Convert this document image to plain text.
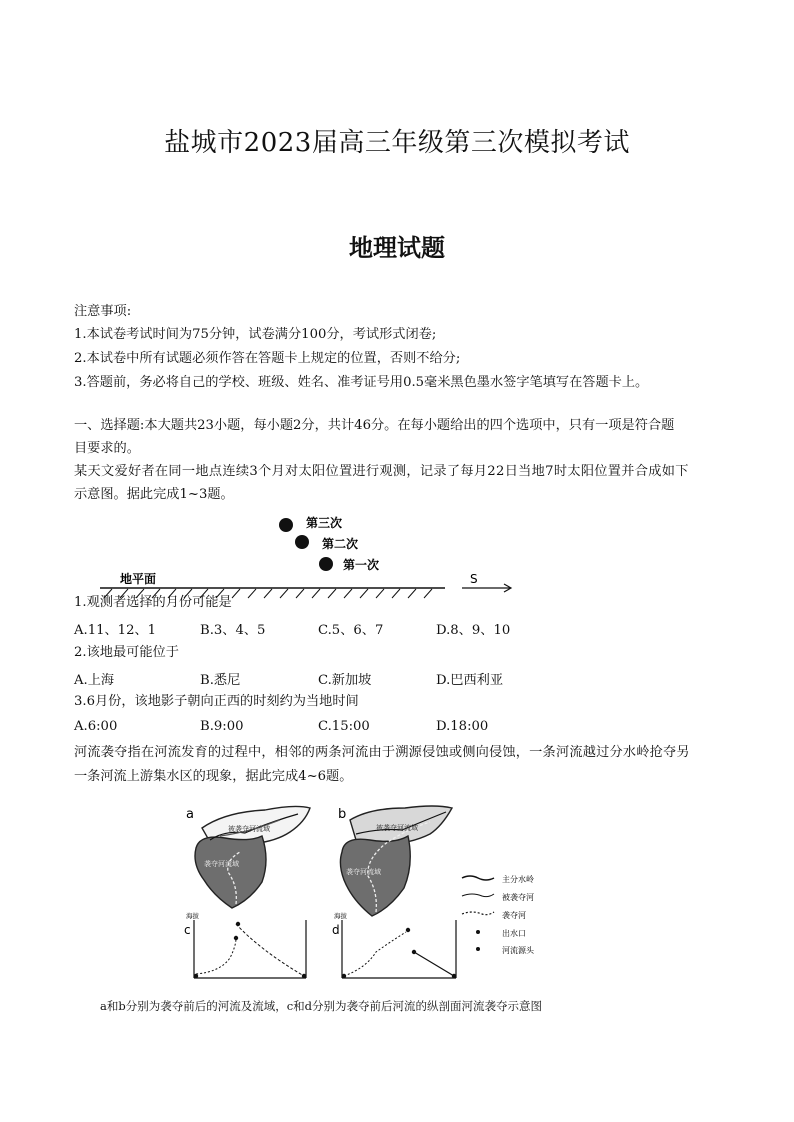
盐城市2023届高三年级第三次模拟考试
地理试题
注意事项:
1.本试卷考试时间为75分钟，试卷满分100分，考试形式闭卷;
2.本试卷中所有试题必须作答在答题卡上规定的位置，否则不给分;
3.答题前，务必将自己的学校、班级、姓名、准考证号用0.5毫米黑色墨水签字笔填写在答题卡上。
一、选择题:本大题共23小题，每小题2分，共计46分。在每小题给出的四个选项中，只有一项是符合题
目要求的。
某天文爱好者在同一地点连续3个月对太阳位置进行观测，记录了每月22日当地7时太阳位置并合成如下
示意图。据此完成1~3题。
第三次
第二次
第一次
地平面	S
1.观测者选择的月份可能是
A.11、12、1	B.3、4、5	C.5、6、7	D.8、9、10
2.该地最可能位于
A.上海	B.悉尼	C.新加坡	D.巴西利亚
3.6月份，该地影子朝向正西的时刻约为当地时间
A.6:00	B.9:00	C.15:00	D.18:00
河流袭夺指在河流发育的过程中，相邻的两条河流由于溯源侵蚀或侧向侵蚀，一条河流越过分水岭抢夺另
一条河流上游集水区的现象，据此完成4~6题。
a
被袭夺河流域
袭夺河流域
b
被袭夺河流域
袭夺河流域
主分水岭
被袭夺河
袭夺河
出水口
河流源头
c
海拔
d
海拔
a和b分别为袭夺前后的河流及流域，c和d分别为袭夺前后河流的纵剖面河流袭夺示意图
